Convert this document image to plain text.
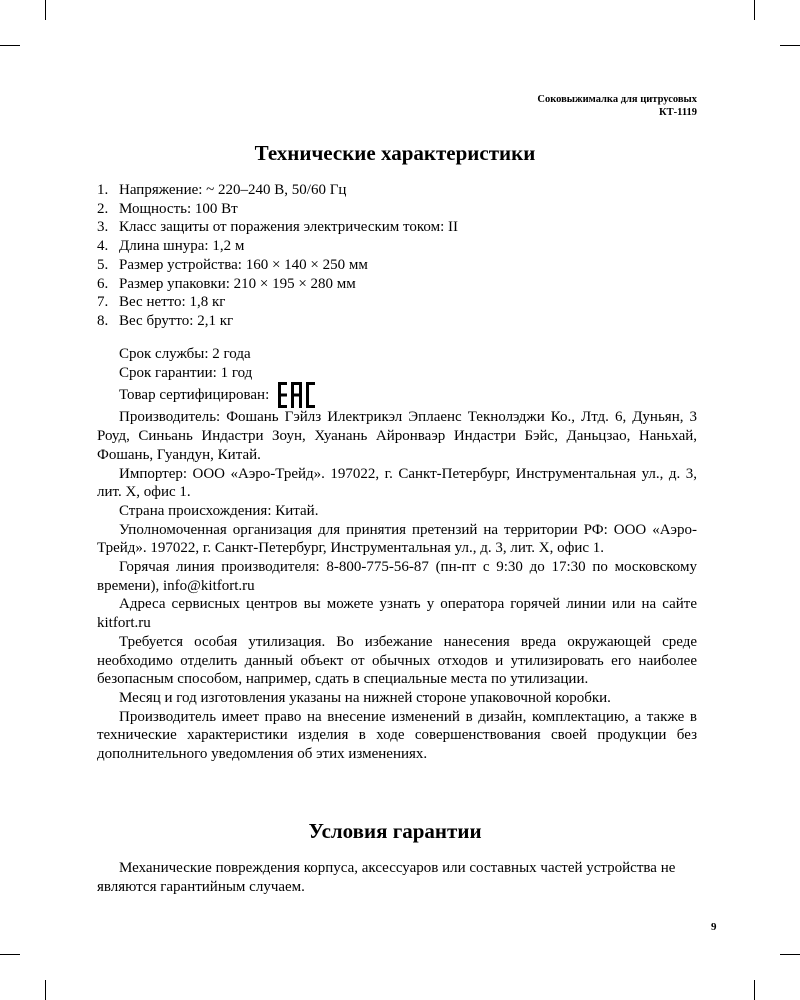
Соковыжималка для цитрусовых
КТ-1119
Технические характеристики
1. Напряжение: ~ 220–240 В, 50/60 Гц
2. Мощность: 100 Вт
3. Класс защиты от поражения электрическим током: II
4. Длина шнура: 1,2 м
5. Размер устройства: 160 × 140 × 250 мм
6. Размер упаковки: 210 × 195 × 280 мм
7. Вес нетто: 1,8 кг
8. Вес брутто: 2,1 кг

Срок службы: 2 года

Срок гарантии: 1 год

Товар сертифицирован:

Производитель: Фошань Гэйлз Илектрикэл Эплаенс Текнолэджи Ко., Лтд. 6, Дуньян, 3 Роуд, Синьань Индастри Зоун, Хуанань Айронваэр Индастри Бэйс, Даньцзао, Наньхай, Фошань, Гуандун, Китай.

Импортер: ООО «Аэро-Трейд». 197022, г. Санкт-Петербург, Инструментальная ул., д. 3, лит. Х, офис 1.

Страна происхождения: Китай.

Уполномоченная организация для принятия претензий на территории РФ: ООО «Аэро-Трейд». 197022, г. Санкт-Петербург, Инструментальная ул., д. 3, лит. Х, офис 1.

Горячая линия производителя: 8-800-775-56-87 (пн-пт с 9:30 до 17:30 по московскому времени), info@kitfort.ru

Адреса сервисных центров вы можете узнать у оператора горячей линии или на сайте kitfort.ru

Требуется особая утилизация. Во избежание нанесения вреда окружающей среде необходимо отделить данный объект от обычных отходов и утилизировать его наиболее безопасным способом, например, сдать в специальные места по утилизации.

Месяц и год изготовления указаны на нижней стороне упаковочной коробки.

Производитель имеет право на внесение изменений в дизайн, комплектацию, а также в технические характеристики изделия в ходе совершенствования своей продукции без дополнительного уведомления об этих изменениях.

Условия гарантии

Механические повреждения корпуса, аксессуаров или составных частей устройства не являются гарантийным случаем.

9
